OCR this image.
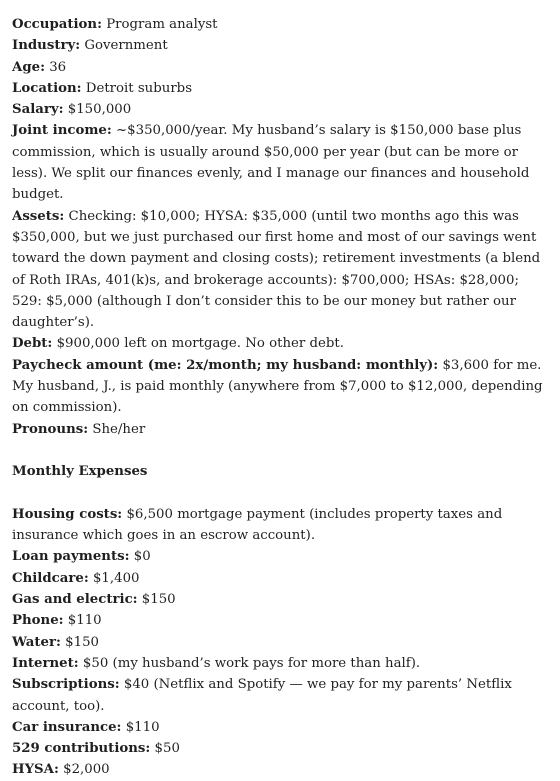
Occupation: Program analyst

Industry: Government

Age: 36

Location: Detroit suburbs

Salary: $150,000

Joint income: ~$350,000/year. My husband’s salary is $150,000 base plus commission, which is usually around $50,000 per year (but can be more or less). We split our finances evenly, and I manage our finances and household budget.

Assets: Checking: $10,000; HYSA: $35,000 (until two months ago this was $350,000, but we just purchased our first home and most of our savings went toward the down payment and closing costs); retirement investments (a blend of Roth IRAs, 401(k)s, and brokerage accounts): $700,000; HSAs: $28,000; 529: $5,000 (although I don’t consider this to be our money but rather our daughter’s).

Debt: $900,000 left on mortgage. No other debt.

Paycheck amount (me: 2x/month; my husband: monthly): $3,600 for me. My husband, J., is paid monthly (anywhere from $7,000 to $12,000, depending on commission).

Pronouns: She/her

Monthly Expenses

Housing costs: $6,500 mortgage payment (includes property taxes and insurance which goes in an escrow account).

Loan payments: $0

Childcare: $1,400

Gas and electric: $150

Phone: $110

Water: $150

Internet: $50 (my husband’s work pays for more than half).

Subscriptions: $40 (Netflix and Spotify — we pay for my parents’ Netflix account, too).

Car insurance: $110

529 contributions: $50

HYSA: $2,000
